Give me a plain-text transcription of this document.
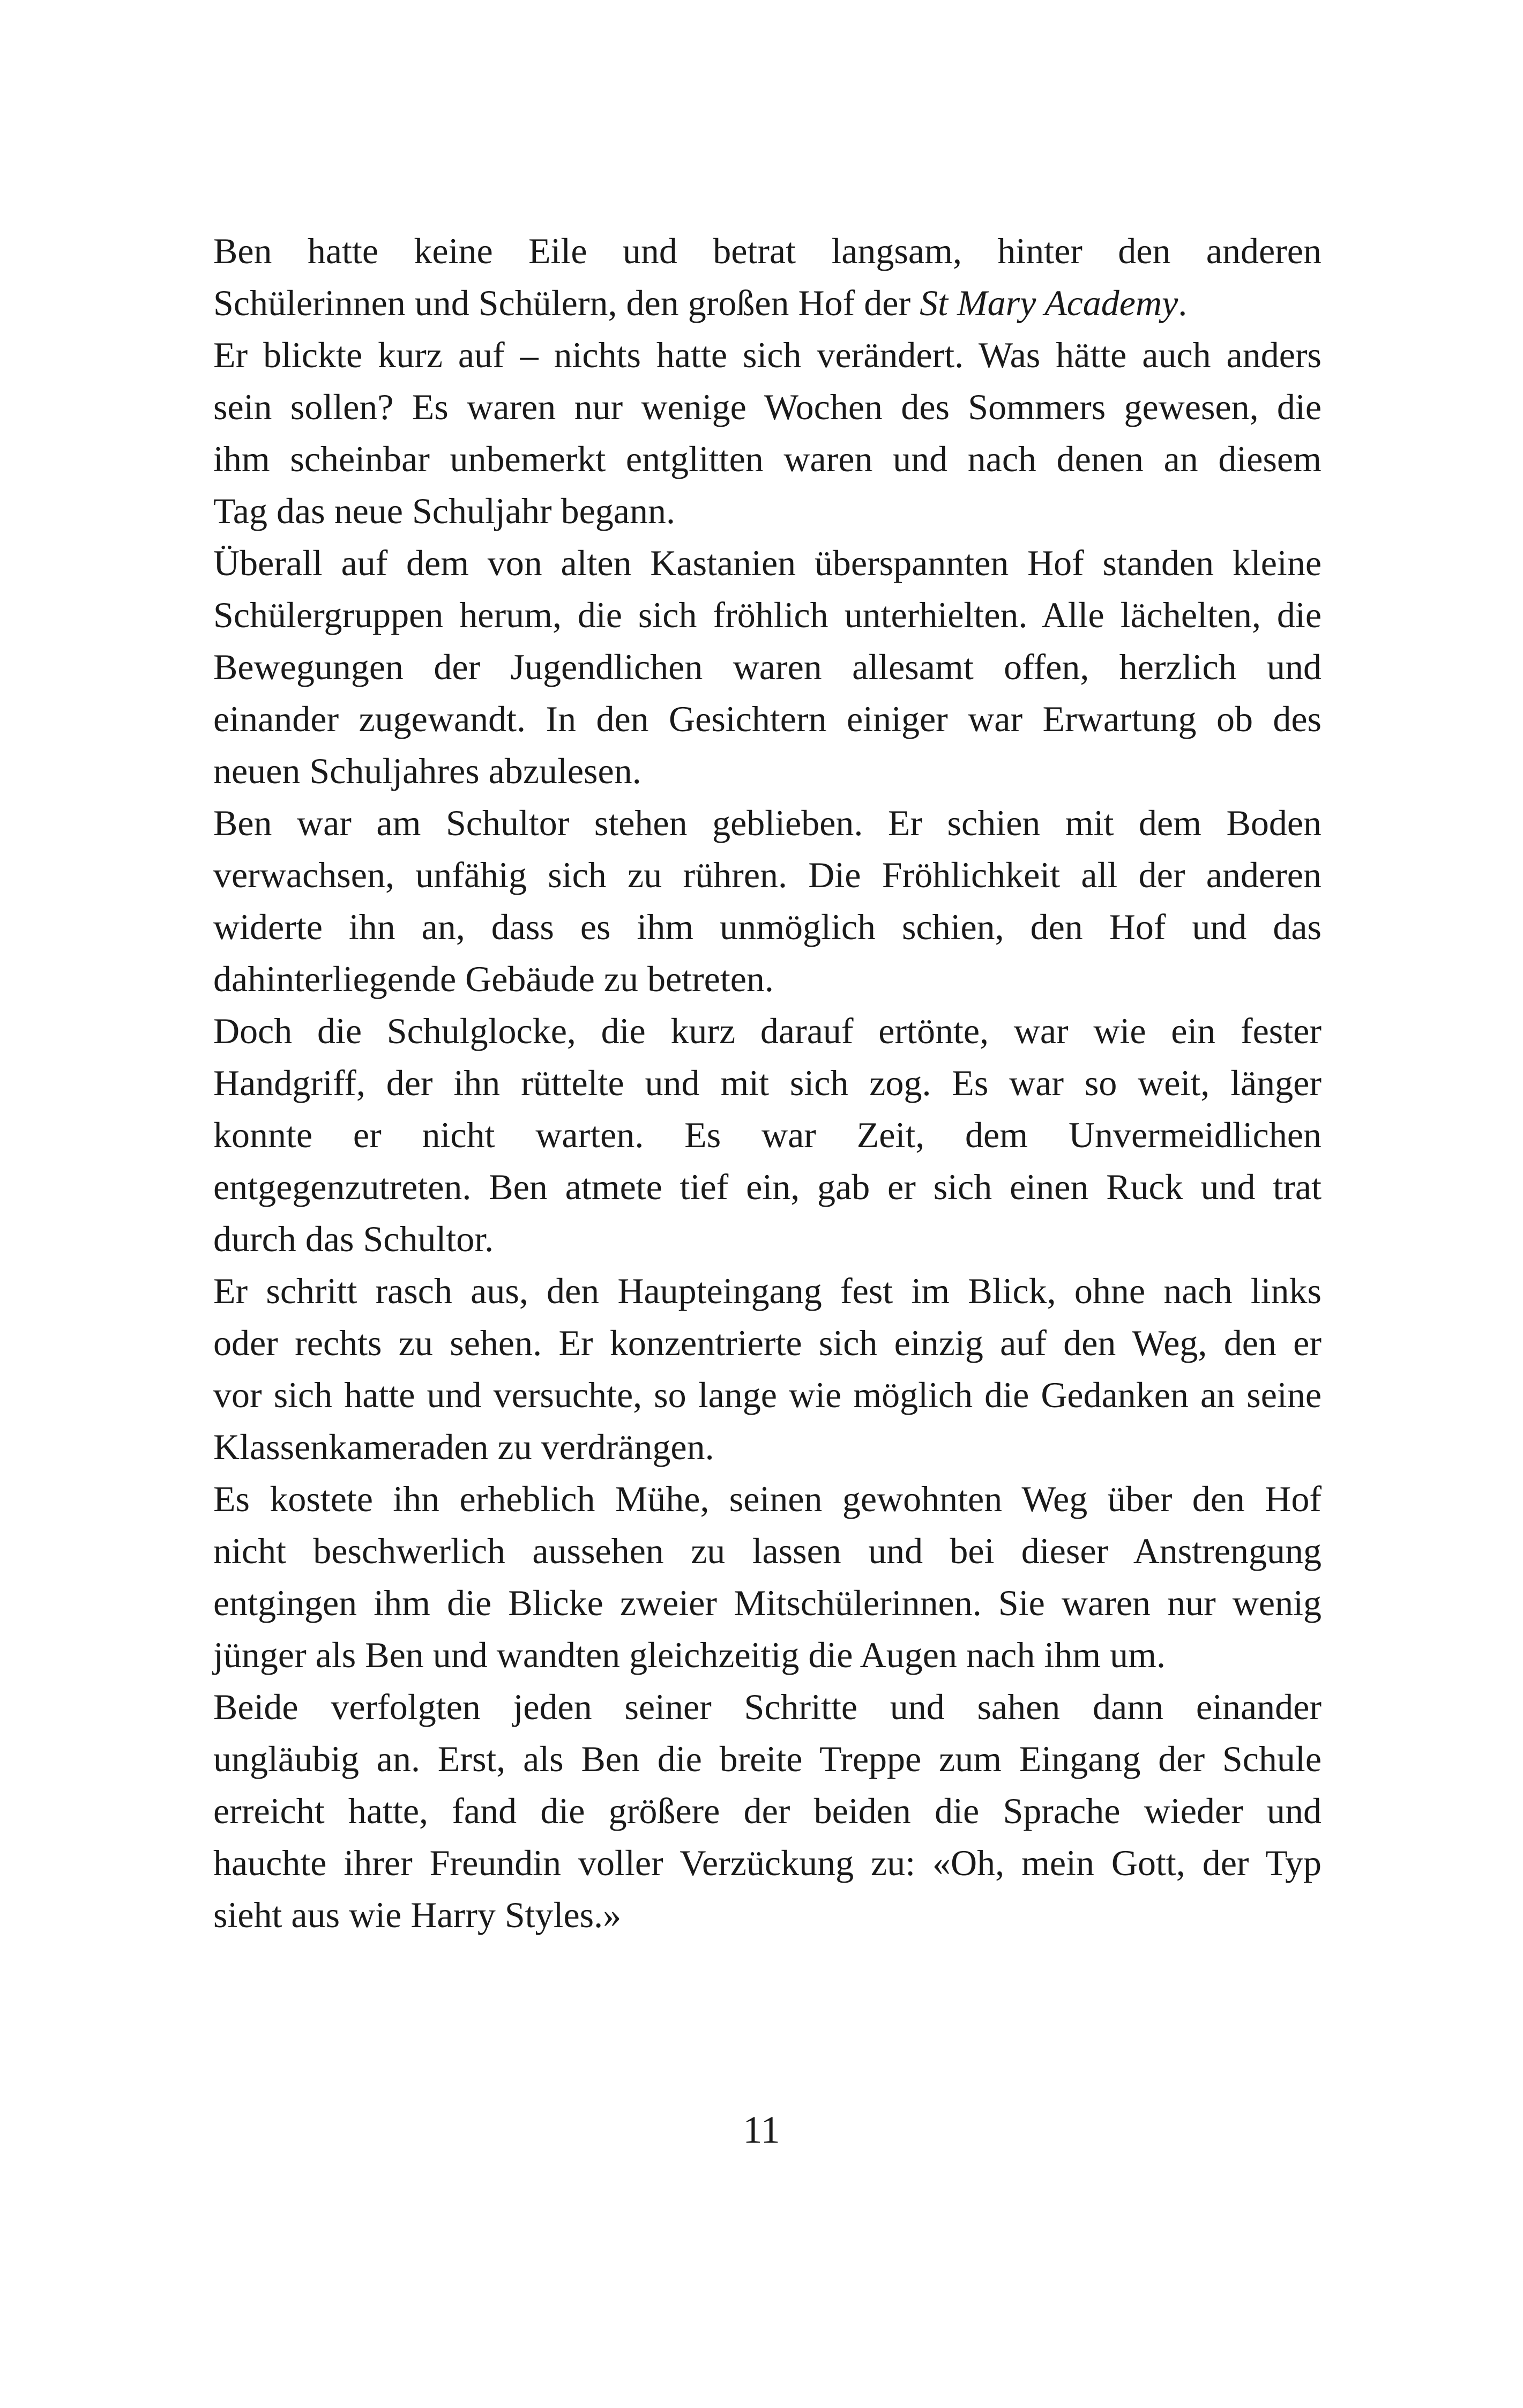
Ben hatte keine Eile und betrat langsam, hinter den anderen
Schülerinnen und Schülern, den großen Hof der St Mary Academy.
Er blickte kurz auf – nichts hatte sich verändert. Was hätte auch anders
sein sollen? Es waren nur wenige Wochen des Sommers gewesen, die
ihm scheinbar unbemerkt entglitten waren und nach denen an diesem
Tag das neue Schuljahr begann.
Überall auf dem von alten Kastanien überspannten Hof standen kleine
Schülergruppen herum, die sich fröhlich unterhielten. Alle lächelten, die
Bewegungen der Jugendlichen waren allesamt offen, herzlich und
einander zugewandt. In den Gesichtern einiger war Erwartung ob des
neuen Schuljahres abzulesen.
Ben war am Schultor stehen geblieben. Er schien mit dem Boden
verwachsen, unfähig sich zu rühren. Die Fröhlichkeit all der anderen
widerte ihn an, dass es ihm unmöglich schien, den Hof und das
dahinterliegende Gebäude zu betreten.
Doch die Schulglocke, die kurz darauf ertönte, war wie ein fester
Handgriff, der ihn rüttelte und mit sich zog. Es war so weit, länger
konnte er nicht warten. Es war Zeit, dem Unvermeidlichen
entgegenzutreten. Ben atmete tief ein, gab er sich einen Ruck und trat
durch das Schultor.
Er schritt rasch aus, den Haupteingang fest im Blick, ohne nach links
oder rechts zu sehen. Er konzentrierte sich einzig auf den Weg, den er
vor sich hatte und versuchte, so lange wie möglich die Gedanken an seine
Klassenkameraden zu verdrängen.
Es kostete ihn erheblich Mühe, seinen gewohnten Weg über den Hof
nicht beschwerlich aussehen zu lassen und bei dieser Anstrengung
entgingen ihm die Blicke zweier Mitschülerinnen. Sie waren nur wenig
jünger als Ben und wandten gleichzeitig die Augen nach ihm um.
Beide verfolgten jeden seiner Schritte und sahen dann einander
ungläubig an. Erst, als Ben die breite Treppe zum Eingang der Schule
erreicht hatte, fand die größere der beiden die Sprache wieder und
hauchte ihrer Freundin voller Verzückung zu: «Oh, mein Gott, der Typ
sieht aus wie Harry Styles.»
11
